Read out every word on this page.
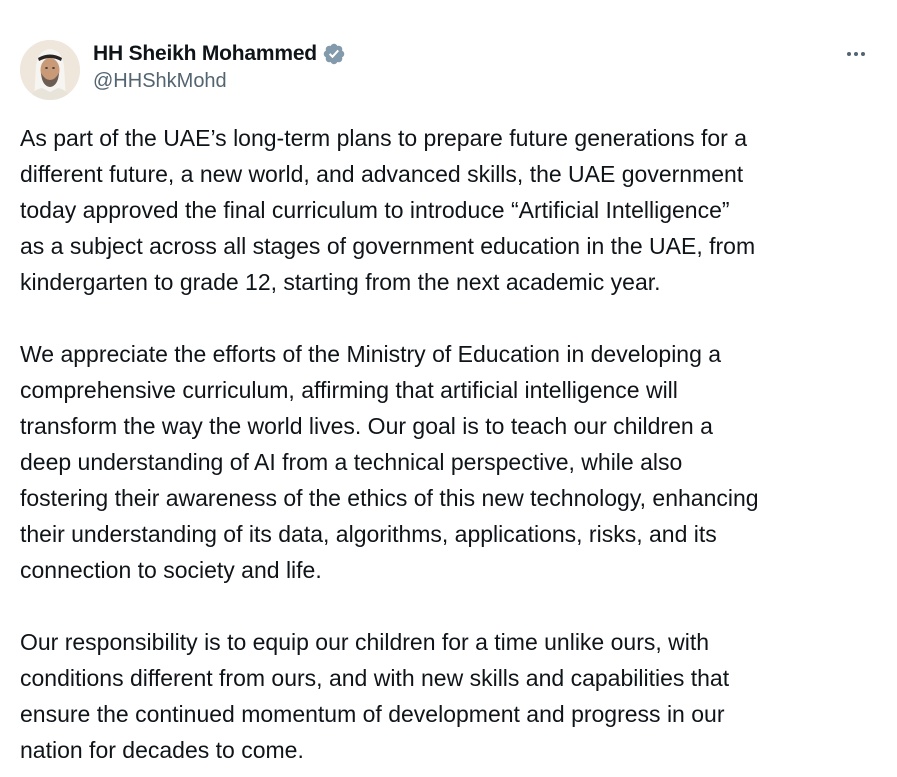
HH Sheikh Mohammed
@HHShkMohd

As part of the UAE’s long-term plans to prepare future generations for a
different future, a new world, and advanced skills, the UAE government
today approved the final curriculum to introduce “Artificial Intelligence”
as a subject across all stages of government education in the UAE, from
kindergarten to grade 12, starting from the next academic year.

We appreciate the efforts of the Ministry of Education in developing a
comprehensive curriculum, affirming that artificial intelligence will
transform the way the world lives. Our goal is to teach our children a
deep understanding of AI from a technical perspective, while also
fostering their awareness of the ethics of this new technology, enhancing
their understanding of its data, algorithms, applications, risks, and its
connection to society and life.

Our responsibility is to equip our children for a time unlike ours, with
conditions different from ours, and with new skills and capabilities that
ensure the continued momentum of development and progress in our
nation for decades to come.
